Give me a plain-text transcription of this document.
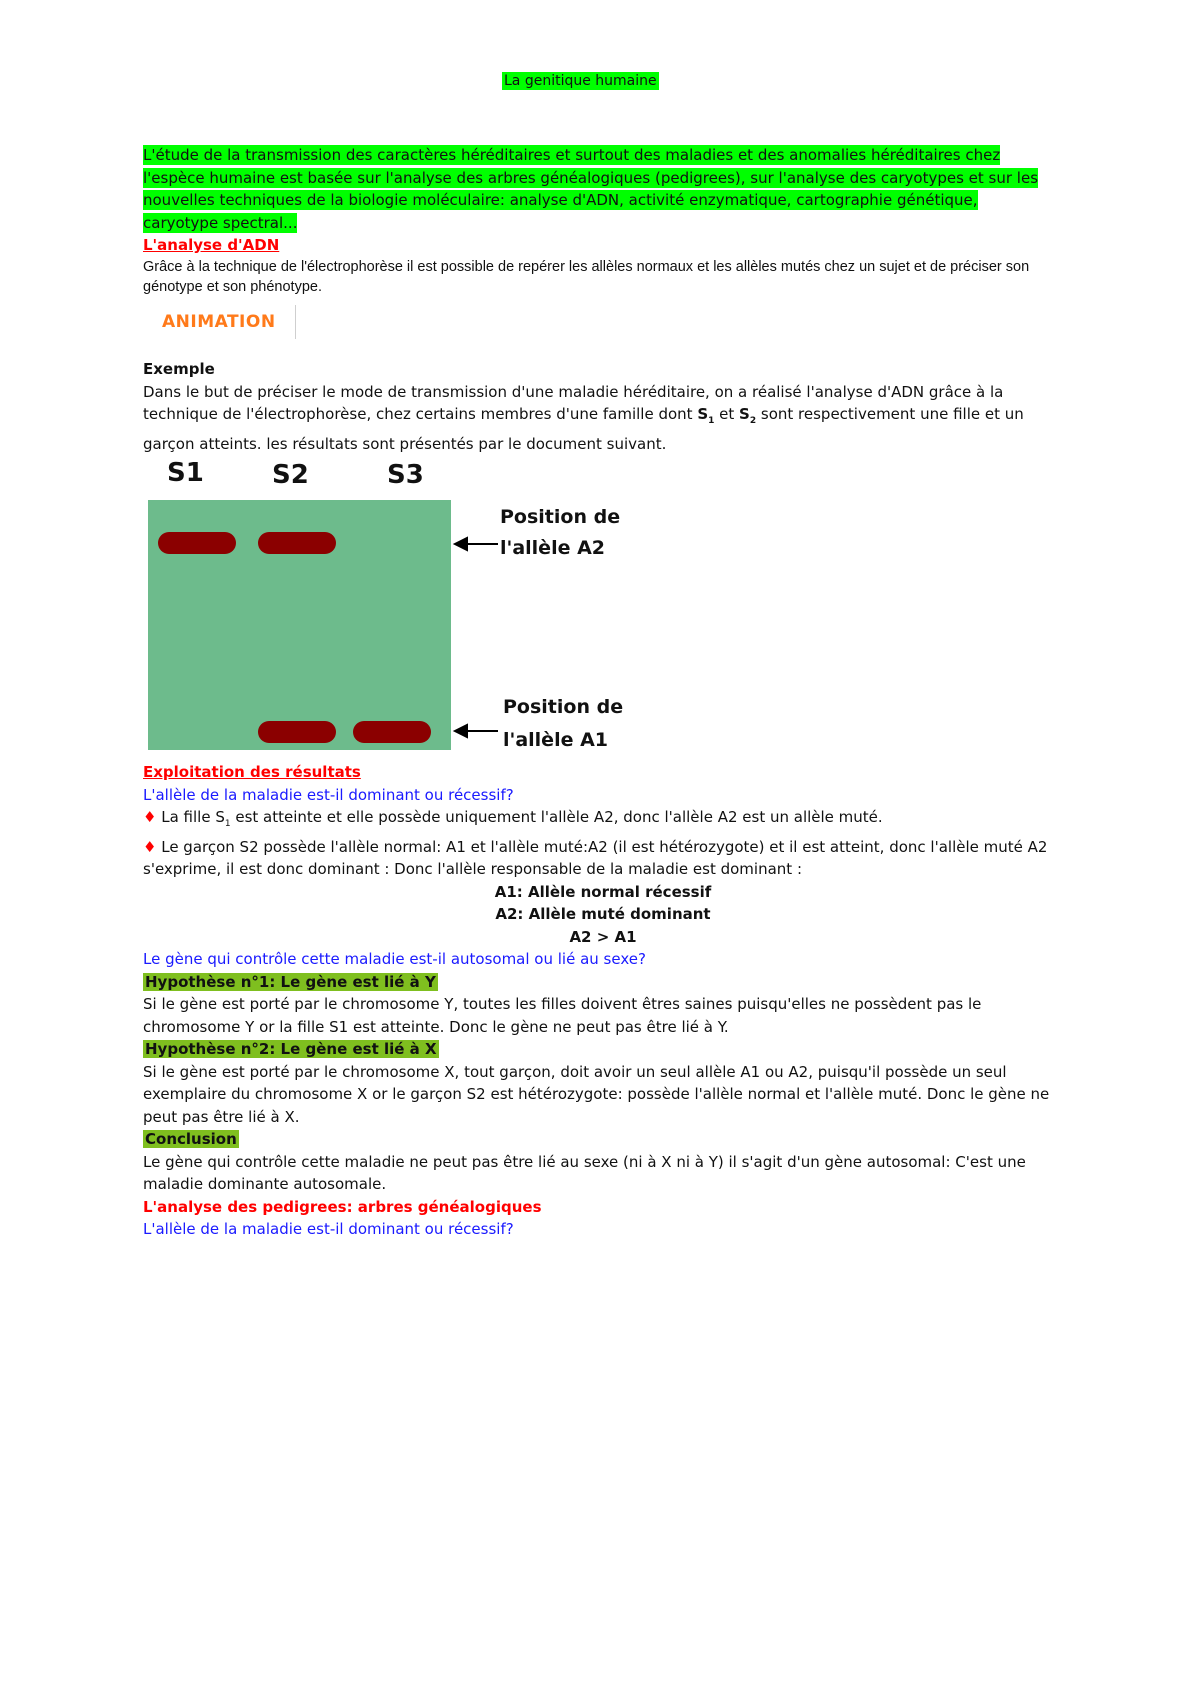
La genitique humaine
L'étude de la transmission des caractères héréditaires et surtout des maladies et des anomalies héréditaires chez l'espèce humaine est basée sur l'analyse des arbres généalogiques (pedigrees), sur l'analyse des caryotypes et sur les nouvelles techniques de la biologie moléculaire: analyse d'ADN, activité enzymatique, cartographie génétique, caryotype spectral...
L'analyse d'ADN
Grâce à la technique de l'électrophorèse il est possible de repérer les allèles normaux et les allèles mutés chez un sujet et de préciser son génotype et son phénotype.
ANIMATION
Exemple
Dans le but de préciser le mode de transmission d'une maladie héréditaire, on a réalisé l'analyse d'ADN grâce à la technique de l'électrophorèse, chez certains membres d'une famille dont $S_1$ et $S_2$ sont respectivement une fille et un garçon atteints. les résultats sont présentés par le document suivant.
S1	S2	S3
Position de
l'allèle A2
Position de
l'allèle A1
Exploitation des résultats
L'allèle de la maladie est-il dominant ou récessif?
♦ La fille $S_1$ est atteinte et elle possède uniquement l'allèle A2, donc l'allèle A2 est un allèle muté.
♦ Le garçon S2 possède l'allèle normal: A1 et l'allèle muté:A2 (il est hétérozygote) et il est atteint, donc l'allèle muté A2 s'exprime, il est donc dominant : Donc l'allèle responsable de la maladie est dominant :
A1: Allèle normal récessif
A2: Allèle muté dominant
A2 > A1
Le gène qui contrôle cette maladie est-il autosomal ou lié au sexe?
Hypothèse n°1: Le gène est lié à Y
Si le gène est porté par le chromosome Y, toutes les filles doivent êtres saines puisqu'elles ne possèdent pas le chromosome Y or la fille S1 est atteinte. Donc le gène ne peut pas être lié à Y.
Hypothèse n°2: Le gène est lié à X
Si le gène est porté par le chromosome X, tout garçon, doit avoir un seul allèle A1 ou A2, puisqu'il possède un seul exemplaire du chromosome X or le garçon S2 est hétérozygote: possède l'allèle normal et l'allèle muté. Donc le gène ne peut pas être lié à X.
Conclusion
Le gène qui contrôle cette maladie ne peut pas être lié au sexe (ni à X ni à Y) il s'agit d'un gène autosomal: C'est une maladie dominante autosomale.
L'analyse des pedigrees: arbres généalogiques
L'allèle de la maladie est-il dominant ou récessif?
